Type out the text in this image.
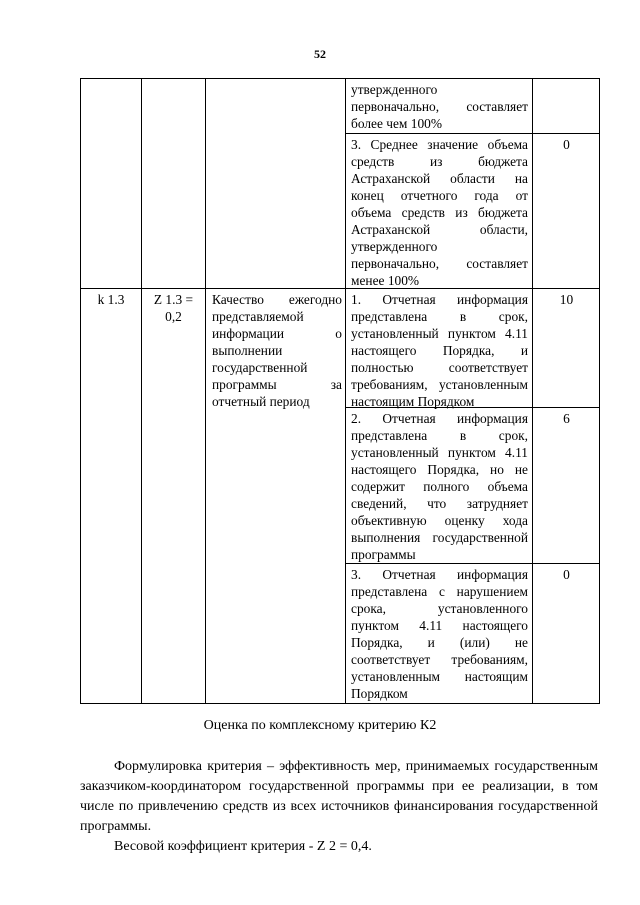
52
утвержденного первоначально, составляет более чем 100%
3. Среднее значение объема средств из бюджета Астраханской области на конец отчетного года от объема средств из бюджета Астраханской области, утвержденного первоначально, составляет менее 100%
0
k 1.3	Z 1.3 =
0,2
Качество ежегодно представляемой информации о выполнении государственной программы за отчетный период
1. Отчетная информация представлена в срок, установленный пунктом 4.11 настоящего Порядка, и полностью соответствует требованиям, установленным настоящим Порядком
10
2. Отчетная информация представлена в срок, установленный пунктом 4.11 настоящего Порядка, но не содержит полного объема сведений, что затрудняет объективную оценку хода выполнения государственной программы
6
3. Отчетная информация представлена с нарушением срока, установленного пунктом 4.11 настоящего Порядка, и (или) не соответствует требованиям, установленным настоящим Порядком
0
Оценка по комплексному критерию К2
Формулировка критерия – эффективность мер, принимаемых государственным заказчиком-координатором государственной программы при ее реализации, в том числе по привлечению средств из всех источников финансирования государственной программы.
Весовой коэффициент критерия - Z 2 = 0,4.
